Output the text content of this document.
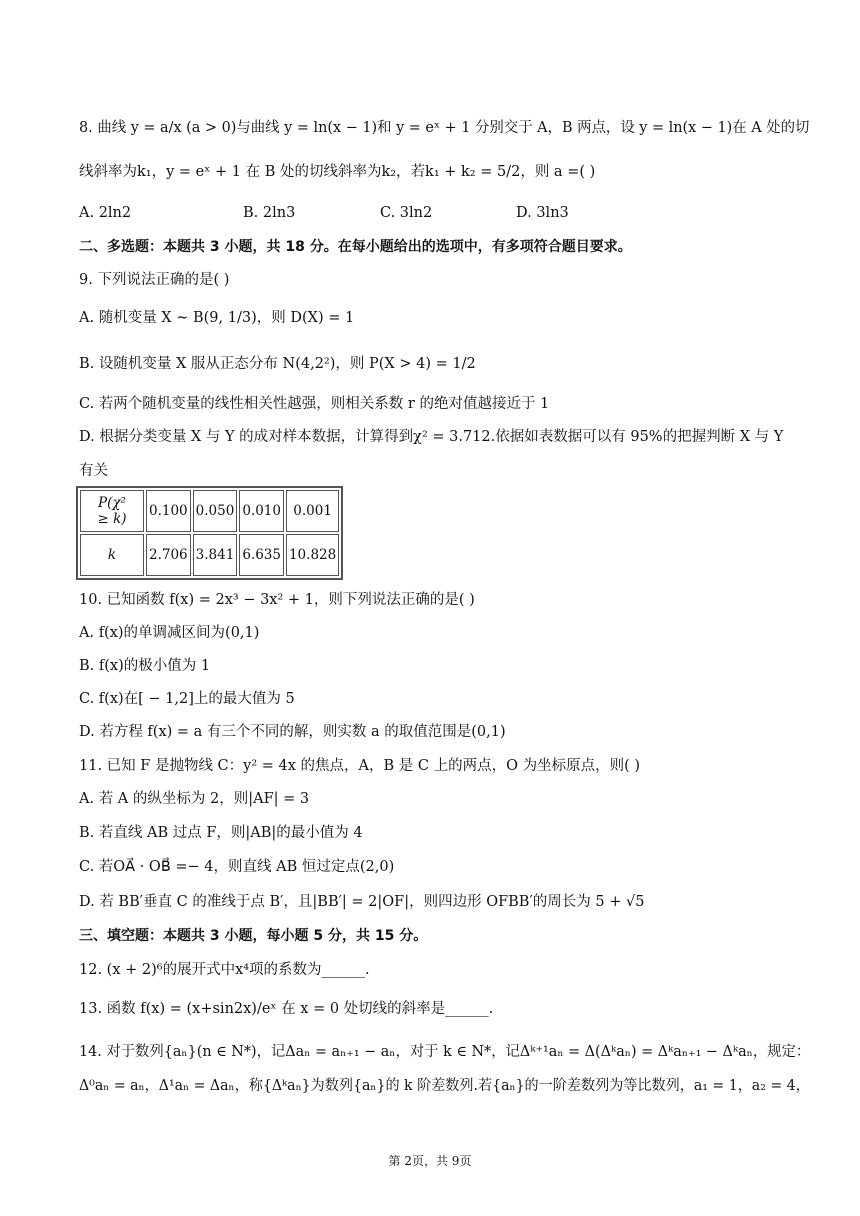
8. 曲线 y = a/x (a > 0)与曲线 y = ln(x − 1)和 y = eˣ + 1 分别交于 A，B 两点，设 y = ln(x − 1)在 A 处的切
线斜率为k₁，y = eˣ + 1 在 B 处的切线斜率为k₂，若k₁ + k₂ = 5/2，则 a =( )
A. 2ln2	B. 2ln3	C. 3ln2	D. 3ln3
二、多选题：本题共 3 小题，共 18 分。在每小题给出的选项中，有多项符合题目要求。
9. 下列说法正确的是( )
A. 随机变量 X ~ B(9, 1/3)，则 D(X) = 1
B. 设随机变量 X 服从正态分布 N(4,2²)，则 P(X > 4) = 1/2
C. 若两个随机变量的线性相关性越强，则相关系数 r 的绝对值越接近于 1
D. 根据分类变量 X 与 Y 的成对样本数据，计算得到χ² = 3.712.依据如表数据可以有 95%的把握判断 X 与 Y
有关
P(χ²
≥ k)	0.100	0.050	0.010	0.001
k	2.706	3.841	6.635	10.828
10. 已知函数 f(x) = 2x³ − 3x² + 1，则下列说法正确的是( )
A. f(x)的单调减区间为(0,1)
B. f(x)的极小值为 1
C. f(x)在[ − 1,2]上的最大值为 5
D. 若方程 f(x) = a 有三个不同的解，则实数 a 的取值范围是(0,1)
11. 已知 F 是抛物线 C：y² = 4x 的焦点，A，B 是 C 上的两点，O 为坐标原点，则( )
A. 若 A 的纵坐标为 2，则|AF| = 3
B. 若直线 AB 过点 F，则|AB|的最小值为 4
C. 若OA⃗ · OB⃗ =− 4，则直线 AB 恒过定点(2,0)
D. 若 BB′垂直 C 的准线于点 B′，且|BB′| = 2|OF|，则四边形 OFBB′的周长为 5 + √5
三、填空题：本题共 3 小题，每小题 5 分，共 15 分。
12. (x + 2)⁶的展开式中x⁴项的系数为______.
13. 函数 f(x) = (x+sin2x)/eˣ 在 x = 0 处切线的斜率是______.
14. 对于数列{aₙ}(n ∈ N*)，记Δaₙ = aₙ₊₁ − aₙ，对于 k ∈ N*，记Δᵏ⁺¹aₙ = Δ(Δᵏaₙ) = Δᵏaₙ₊₁ − Δᵏaₙ，规定：
Δ⁰aₙ = aₙ，Δ¹aₙ = Δaₙ，称{Δᵏaₙ}为数列{aₙ}的 k 阶差数列.若{aₙ}的一阶差数列为等比数列，a₁ = 1，a₂ = 4，
第 2页，共 9页
